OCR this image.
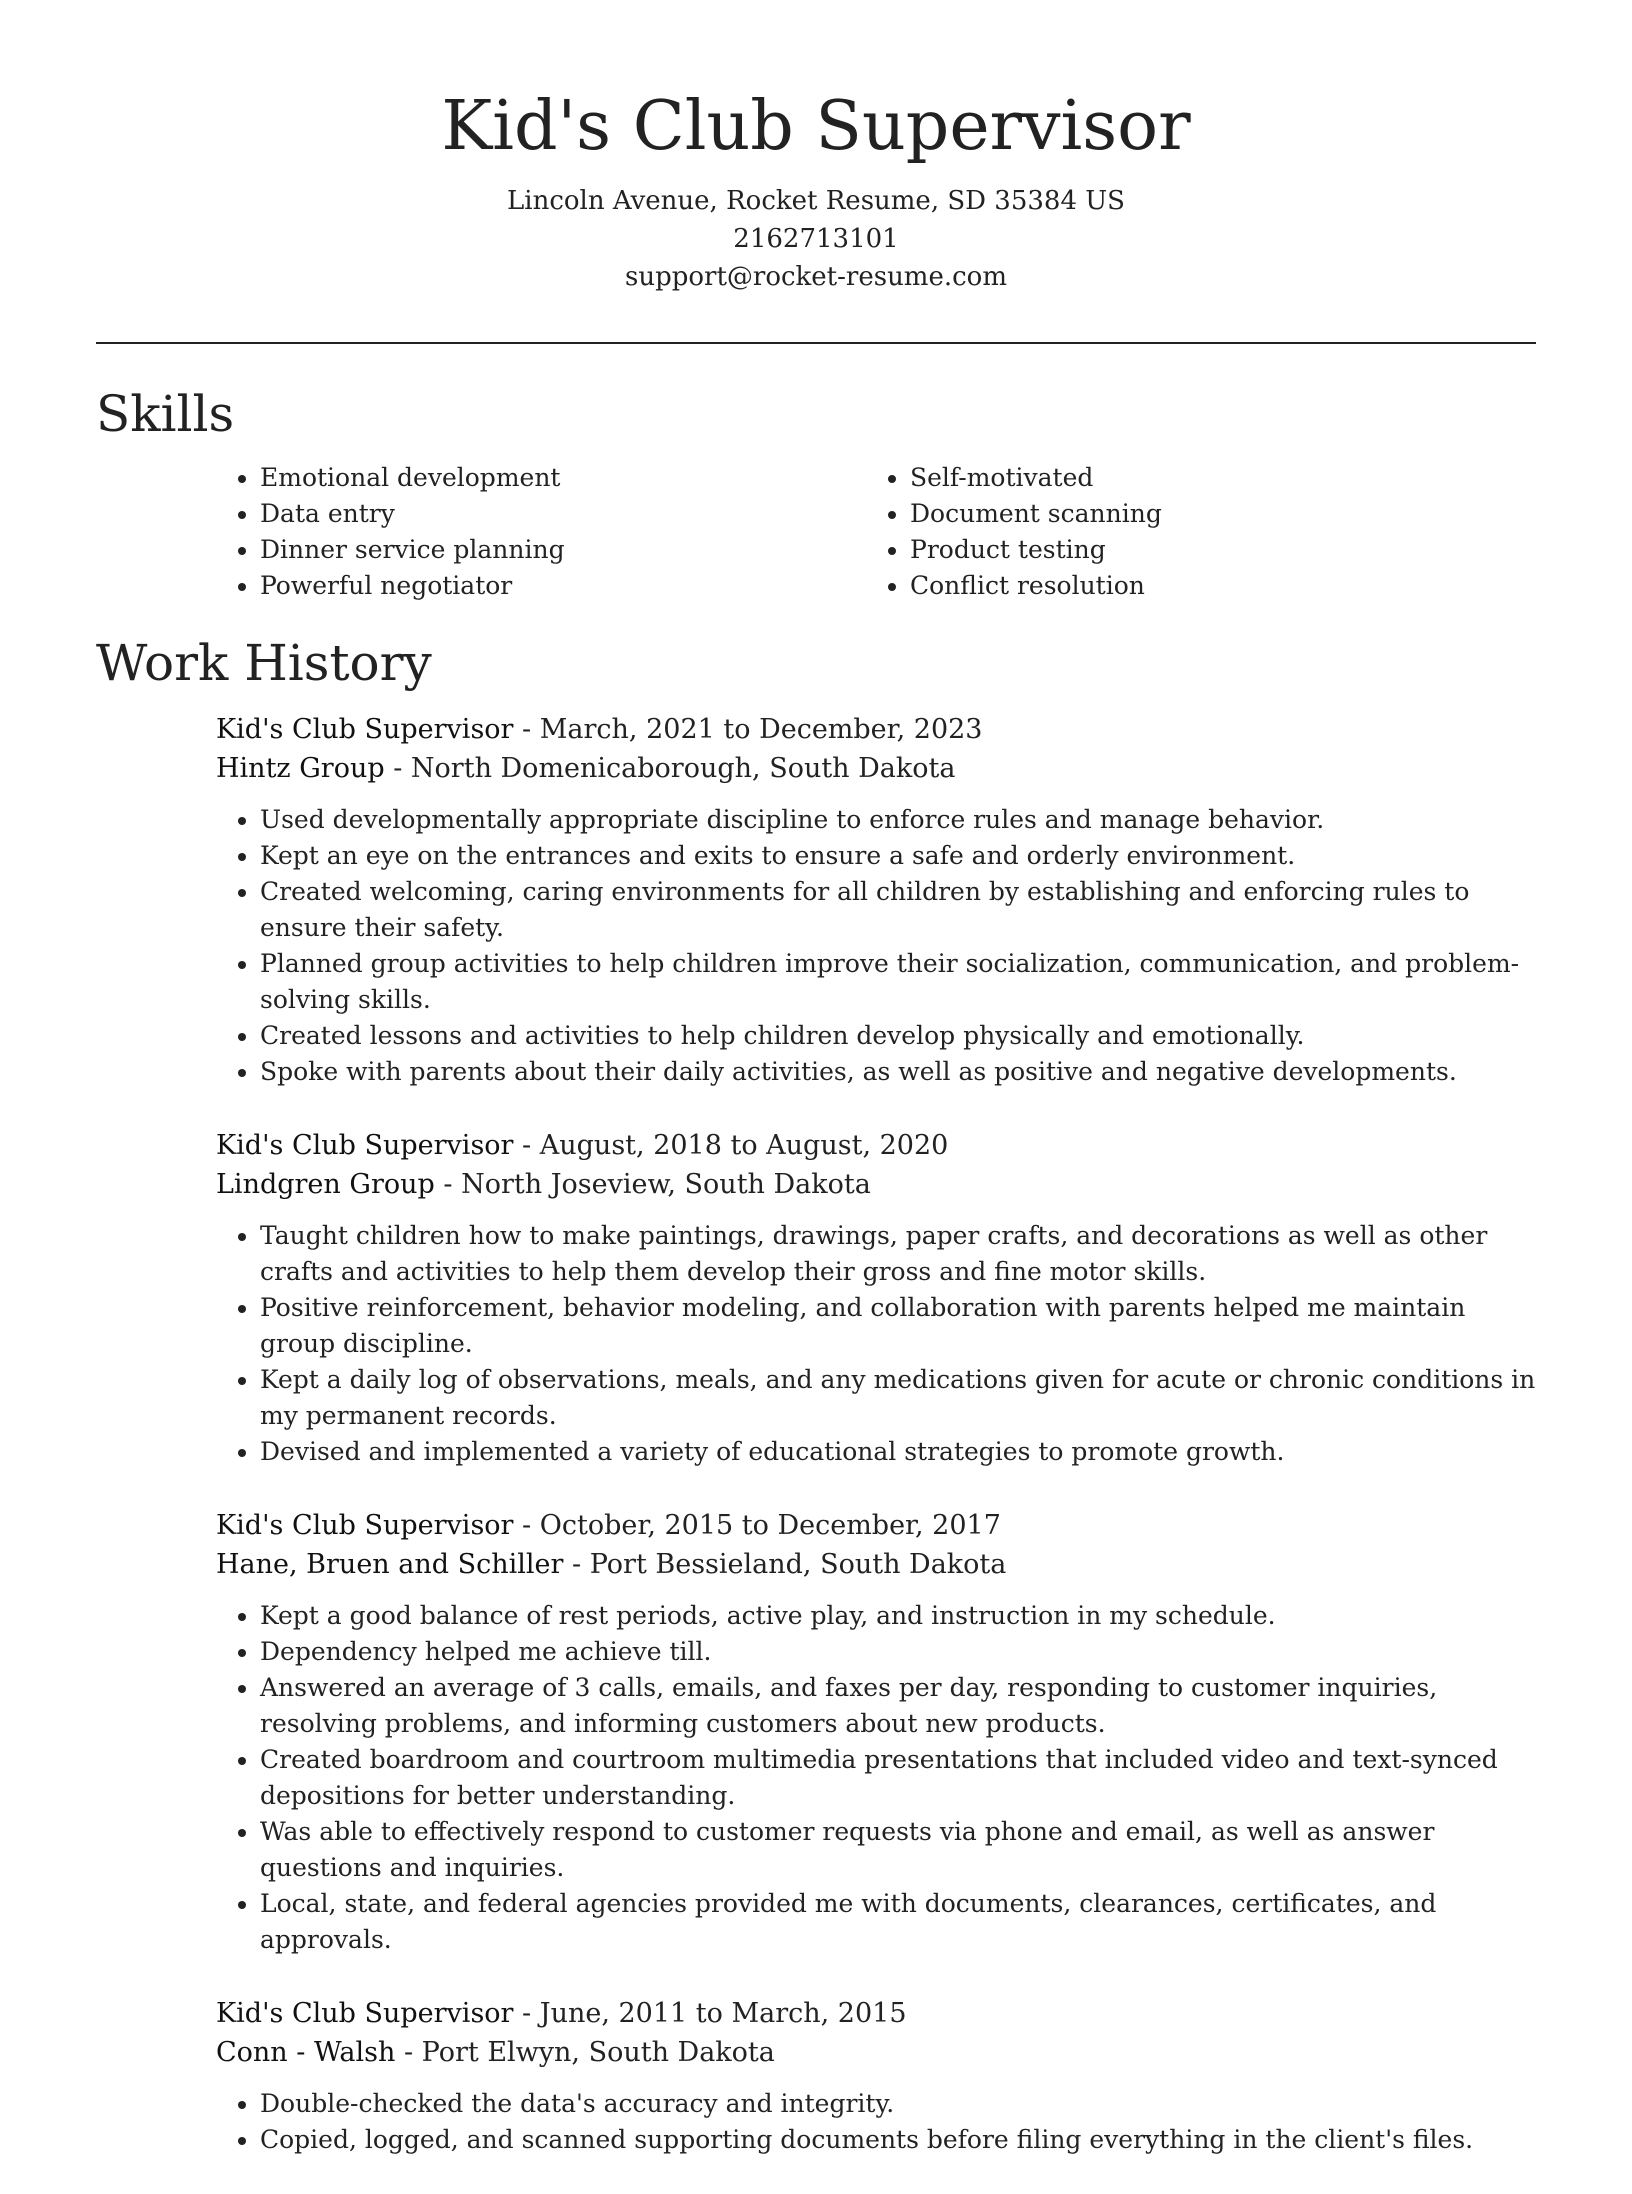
Kid's Club Supervisor
Lincoln Avenue, Rocket Resume, SD 35384 US
2162713101
support@rocket-resume.com
Skills
• Emotional development
• Data entry
• Dinner service planning
• Powerful negotiator
• Self-motivated
• Document scanning
• Product testing
• Conflict resolution
Work History
Kid's Club Supervisor - March, 2021 to December, 2023
Hintz Group - North Domenicaborough, South Dakota
• Used developmentally appropriate discipline to enforce rules and manage behavior.
• Kept an eye on the entrances and exits to ensure a safe and orderly environment.
• Created welcoming, caring environments for all children by establishing and enforcing rules to ensure their safety.
• Planned group activities to help children improve their socialization, communication, and problem-solving skills.
• Created lessons and activities to help children develop physically and emotionally.
• Spoke with parents about their daily activities, as well as positive and negative developments.
Kid's Club Supervisor - August, 2018 to August, 2020
Lindgren Group - North Joseview, South Dakota
• Taught children how to make paintings, drawings, paper crafts, and decorations as well as other crafts and activities to help them develop their gross and fine motor skills.
• Positive reinforcement, behavior modeling, and collaboration with parents helped me maintain group discipline.
• Kept a daily log of observations, meals, and any medications given for acute or chronic conditions in my permanent records.
• Devised and implemented a variety of educational strategies to promote growth.
Kid's Club Supervisor - October, 2015 to December, 2017
Hane, Bruen and Schiller - Port Bessieland, South Dakota
• Kept a good balance of rest periods, active play, and instruction in my schedule.
• Dependency helped me achieve till.
• Answered an average of 3 calls, emails, and faxes per day, responding to customer inquiries, resolving problems, and informing customers about new products.
• Created boardroom and courtroom multimedia presentations that included video and text-synced depositions for better understanding.
• Was able to effectively respond to customer requests via phone and email, as well as answer questions and inquiries.
• Local, state, and federal agencies provided me with documents, clearances, certificates, and approvals.
Kid's Club Supervisor - June, 2011 to March, 2015
Conn - Walsh - Port Elwyn, South Dakota
• Double-checked the data's accuracy and integrity.
• Copied, logged, and scanned supporting documents before filing everything in the client's files.
